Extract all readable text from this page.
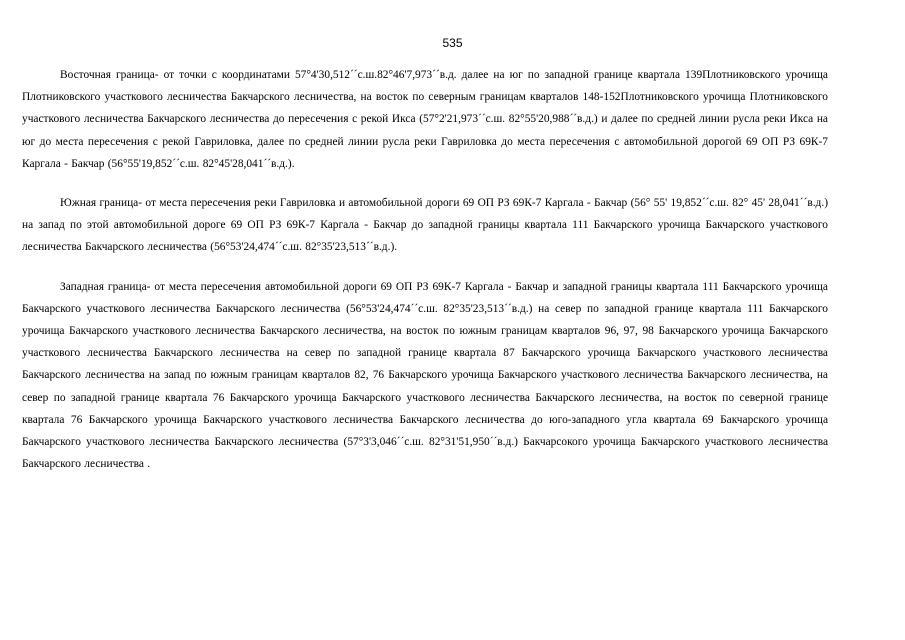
535

Восточная граница- от точки с координатами 57°4'30,512´´с.ш.82°46'7,973´´в.д. далее на юг по западной границе квартала 139Плотниковского урочища Плотниковского участкового лесничества Бакчарского лесничества, на восток по северным границам кварталов 148-152Плотниковского урочища Плотниковского участкового лесничества Бакчарского лесничества до пересечения с рекой Икса (57°2'21,973´´с.ш. 82°55'20,988´´в.д.) и далее по средней линии русла реки Икса на юг до места пересечения с рекой Гавриловка, далее по средней линии русла реки Гавриловка до места пересечения с автомобильной дорогой 69 ОП РЗ 69К-7 Каргала - Бакчар (56°55'19,852´´с.ш. 82°45'28,041´´в.д.).

Южная граница- от места пересечения реки Гавриловка и автомобильной дороги 69 ОП РЗ 69К-7 Каргала - Бакчар (56° 55' 19,852´´с.ш. 82° 45' 28,041´´в.д.) на запад по этой автомобильной дороге 69 ОП РЗ 69К-7 Каргала - Бакчар до западной границы квартала 111 Бакчарского урочища Бакчарского участкового лесничества Бакчарского лесничества (56°53'24,474´´с.ш. 82°35'23,513´´в.д.).

Западная граница- от места пересечения автомобильной дороги 69 ОП РЗ 69К-7 Каргала - Бакчар и западной границы квартала 111 Бакчарского урочища Бакчарского участкового лесничества Бакчарского лесничества (56°53'24,474´´с.ш. 82°35'23,513´´в.д.) на север по западной границе квартала 111 Бакчарского урочища Бакчарского участкового лесничества Бакчарского лесничества, на восток по южным границам кварталов 96, 97, 98 Бакчарского урочища Бакчарского участкового лесничества Бакчарского лесничества на север по западной границе квартала 87 Бакчарского урочища Бакчарского участкового лесничества Бакчарского лесничества на запад по южным границам кварталов 82, 76 Бакчарского урочища Бакчарского участкового лесничества Бакчарского лесничества, на север по западной границе квартала 76 Бакчарского урочища Бакчарского участкового лесничества Бакчарского лесничества, на восток по северной границе квартала 76 Бакчарского урочища Бакчарского участкового лесничества Бакчарского лесничества до юго-западного угла квартала 69 Бакчарского урочища Бакчарского участкового лесничества Бакчарского лесничества (57°3'3,046´´с.ш. 82°31'51,950´´в.д.) Бакчарсокого урочища Бакчарского участкового лесничества Бакчарского лесничества .
